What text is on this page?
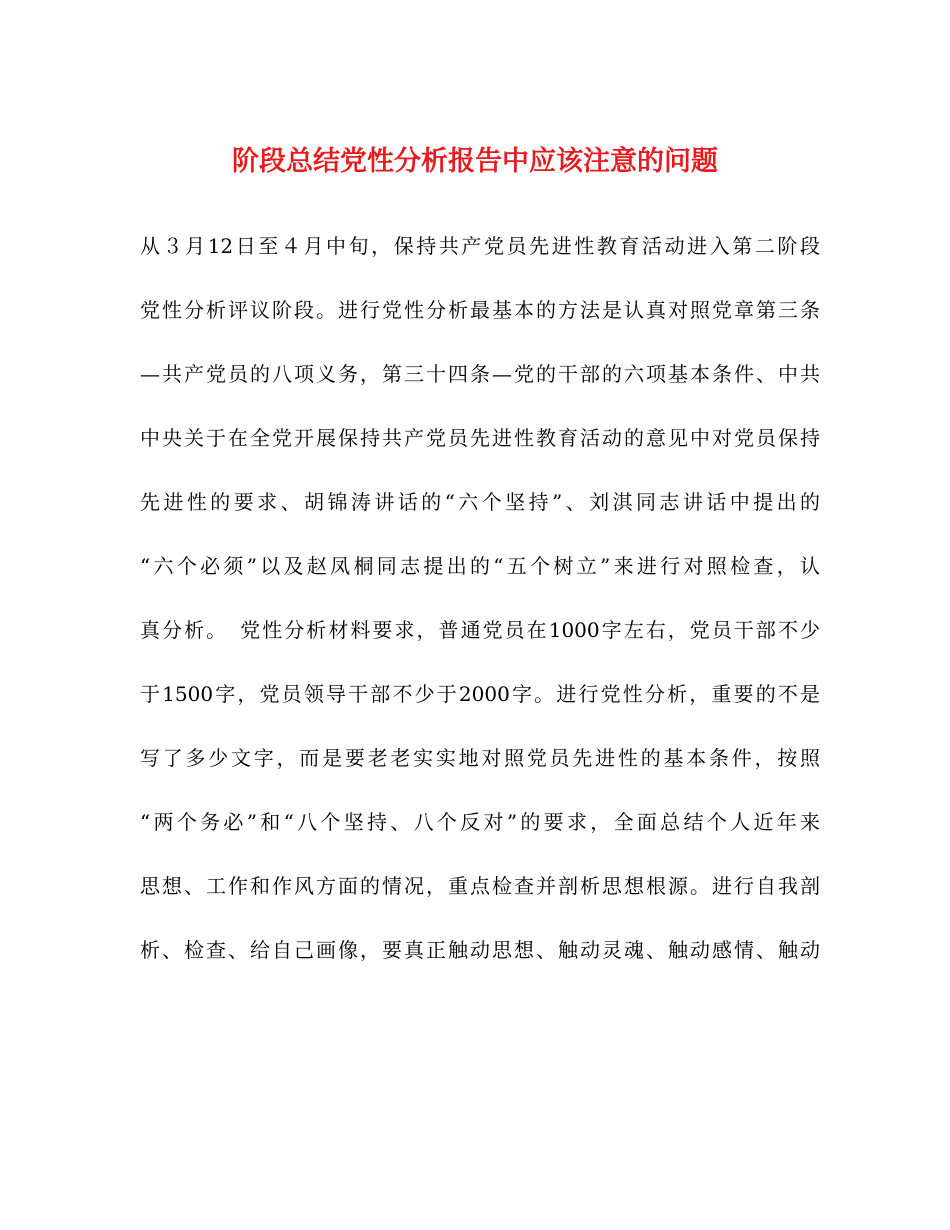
阶段总结党性分析报告中应该注意的问题
从３月12日至４月中旬，保持共产党员先进性教育活动进入第二阶段
党性分析评议阶段。进行党性分析最基本的方法是认真对照党章第三条
—共产党员的八项义务，第三十四条—党的干部的六项基本条件、中共
中央关于在全党开展保持共产党员先进性教育活动的意见中对党员保持
先进性的要求、胡锦涛讲话的“六个坚持”、刘淇同志讲话中提出的
“六个必须”以及赵凤桐同志提出的“五个树立”来进行对照检查，认
真分析。　党性分析材料要求，普通党员在1000字左右，党员干部不少
于1500字，党员领导干部不少于2000字。进行党性分析，重要的不是
写了多少文字，而是要老老实实地对照党员先进性的基本条件，按照
“两个务必”和“八个坚持、八个反对”的要求，全面总结个人近年来
思想、工作和作风方面的情况，重点检查并剖析思想根源。进行自我剖
析、检查、给自己画像，要真正触动思想、触动灵魂、触动感情、触动
